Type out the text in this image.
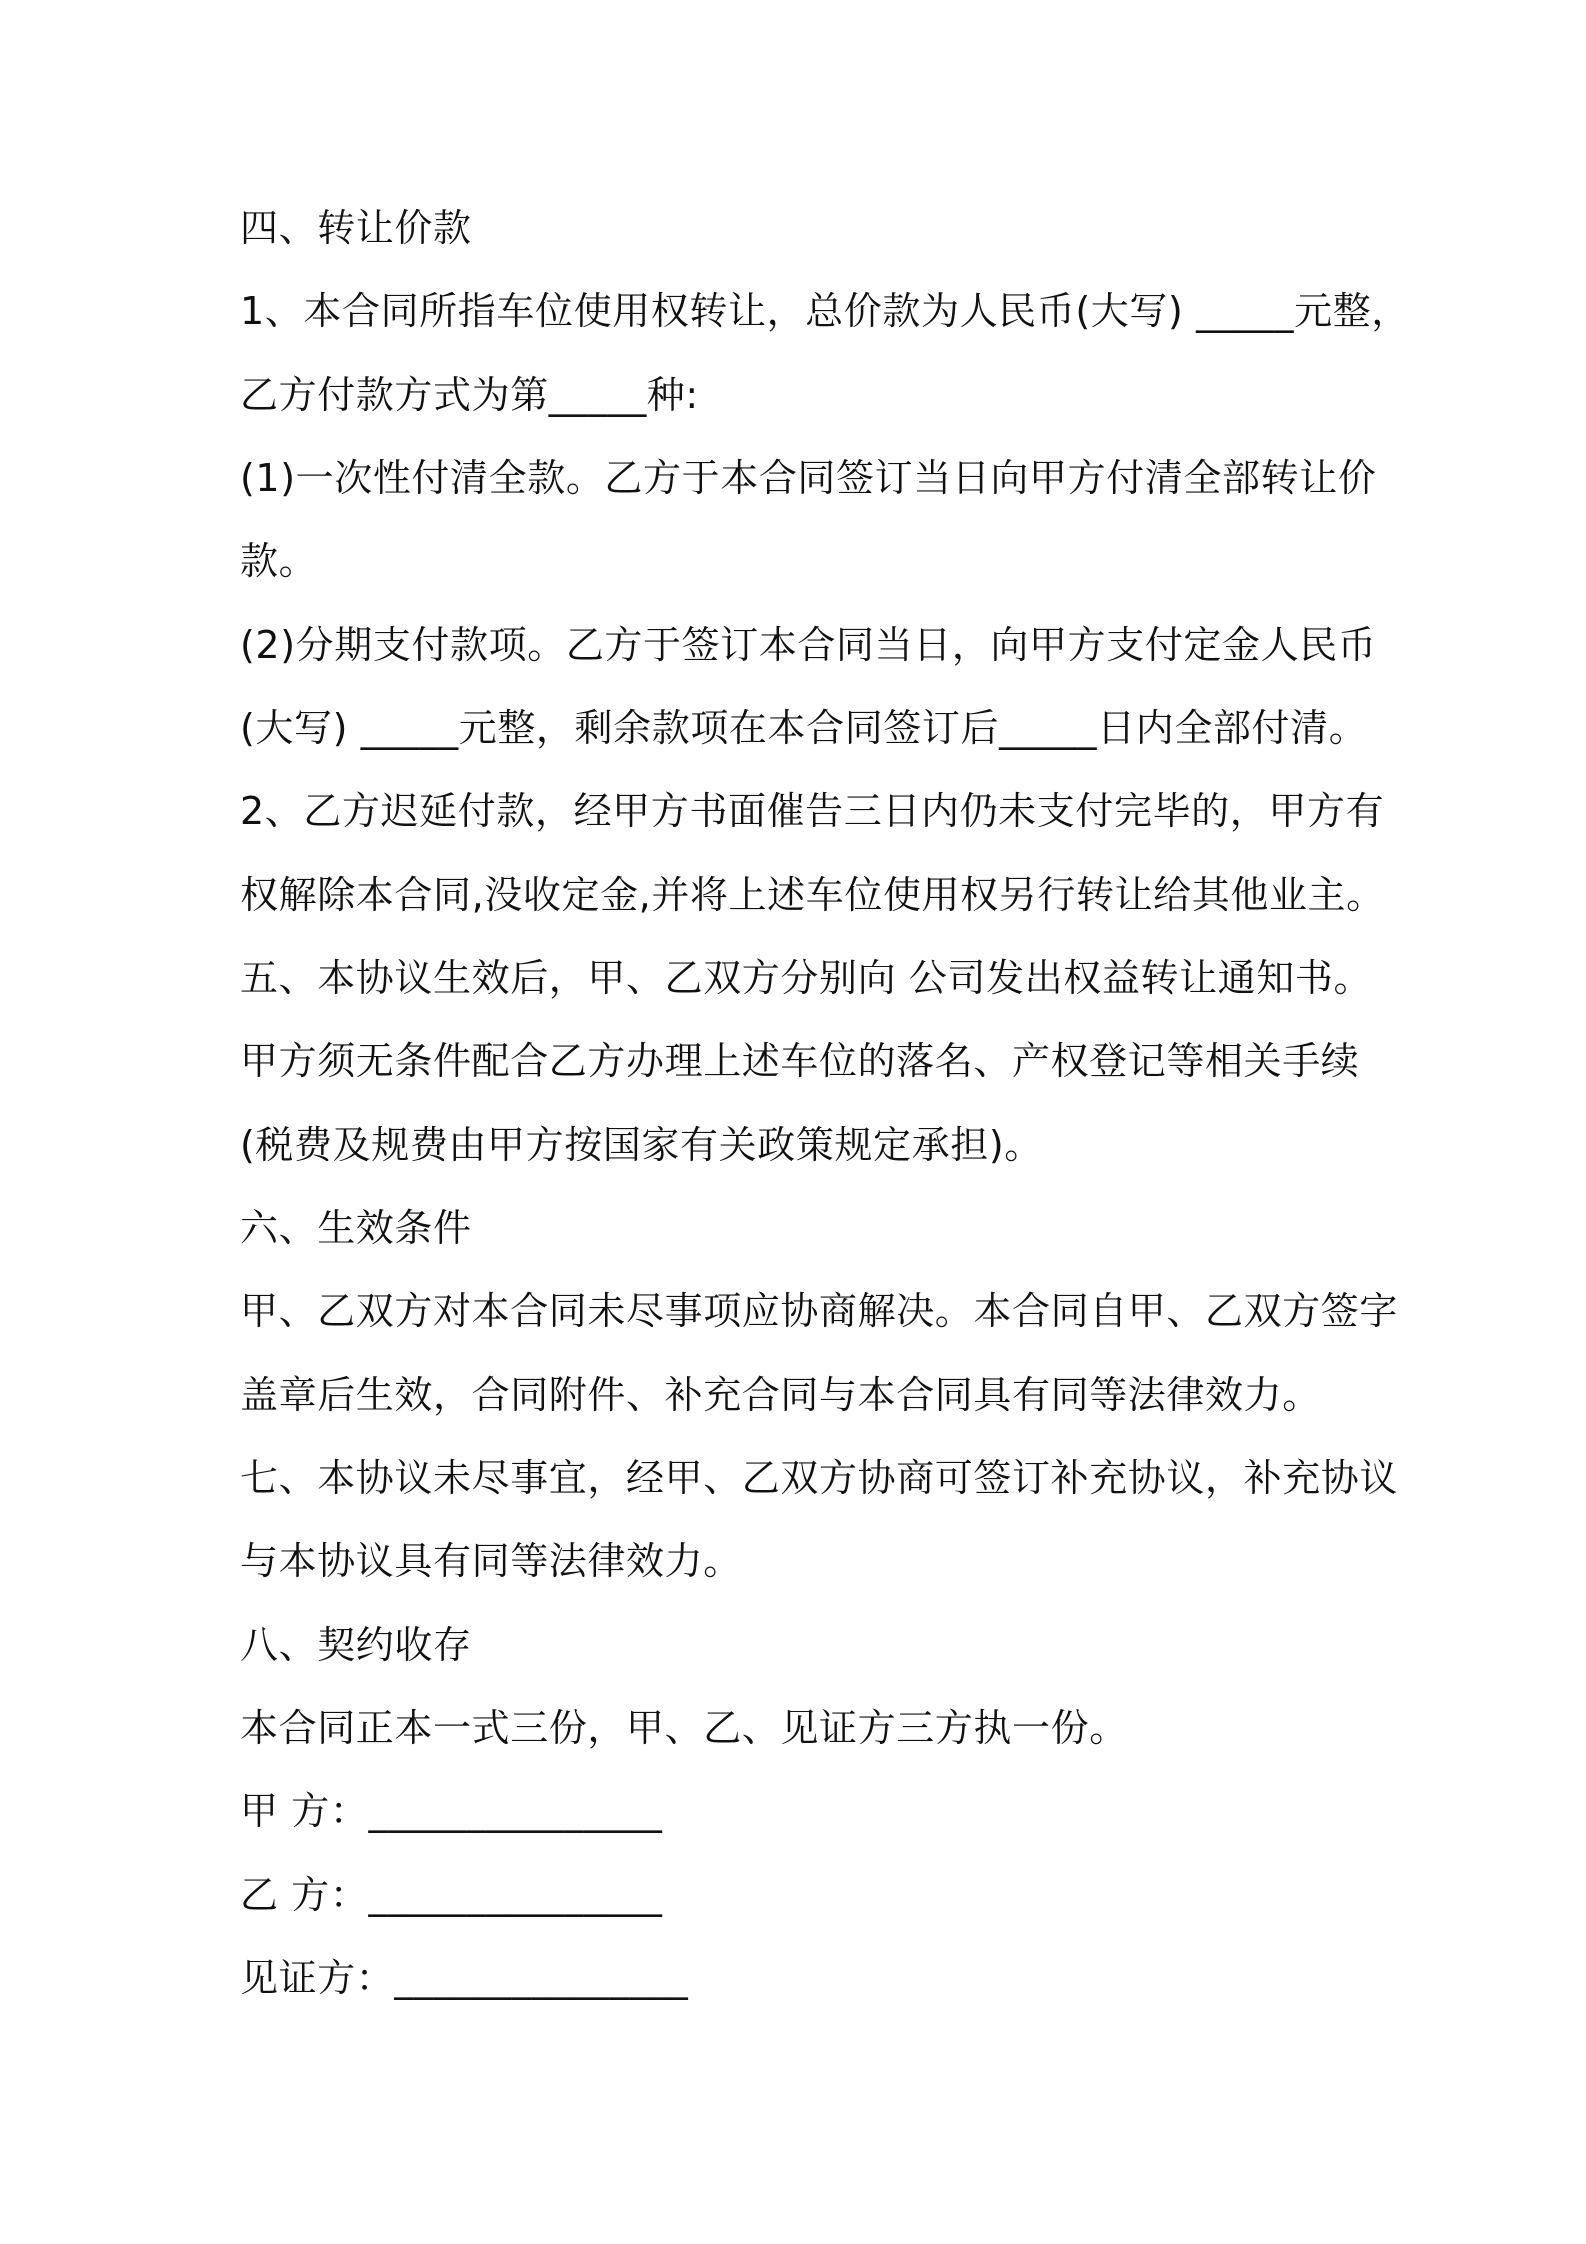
四、转让价款
1、本合同所指车位使用权转让，总价款为人民币(大写) _____元整，
乙方付款方式为第_____种:
(1)一次性付清全款。乙方于本合同签订当日向甲方付清全部转让价
款。
(2)分期支付款项。乙方于签订本合同当日，向甲方支付定金人民币
(大写) _____元整，剩余款项在本合同签订后_____日内全部付清。
2、乙方迟延付款，经甲方书面催告三日内仍未支付完毕的，甲方有
权解除本合同,没收定金,并将上述车位使用权另行转让给其他业主。
五、本协议生效后，甲、乙双方分别向 公司发出权益转让通知书。
甲方须无条件配合乙方办理上述车位的落名、产权登记等相关手续
(税费及规费由甲方按国家有关政策规定承担)。
六、生效条件
甲、乙双方对本合同未尽事项应协商解决。本合同自甲、乙双方签字
盖章后生效，合同附件、补充合同与本合同具有同等法律效力。
七、本协议未尽事宜，经甲、乙双方协商可签订补充协议，补充协议
与本协议具有同等法律效力。
八、契约收存
本合同正本一式三份，甲、乙、见证方三方执一份。
甲 方：_______________
乙 方：_______________
见证方：_______________
